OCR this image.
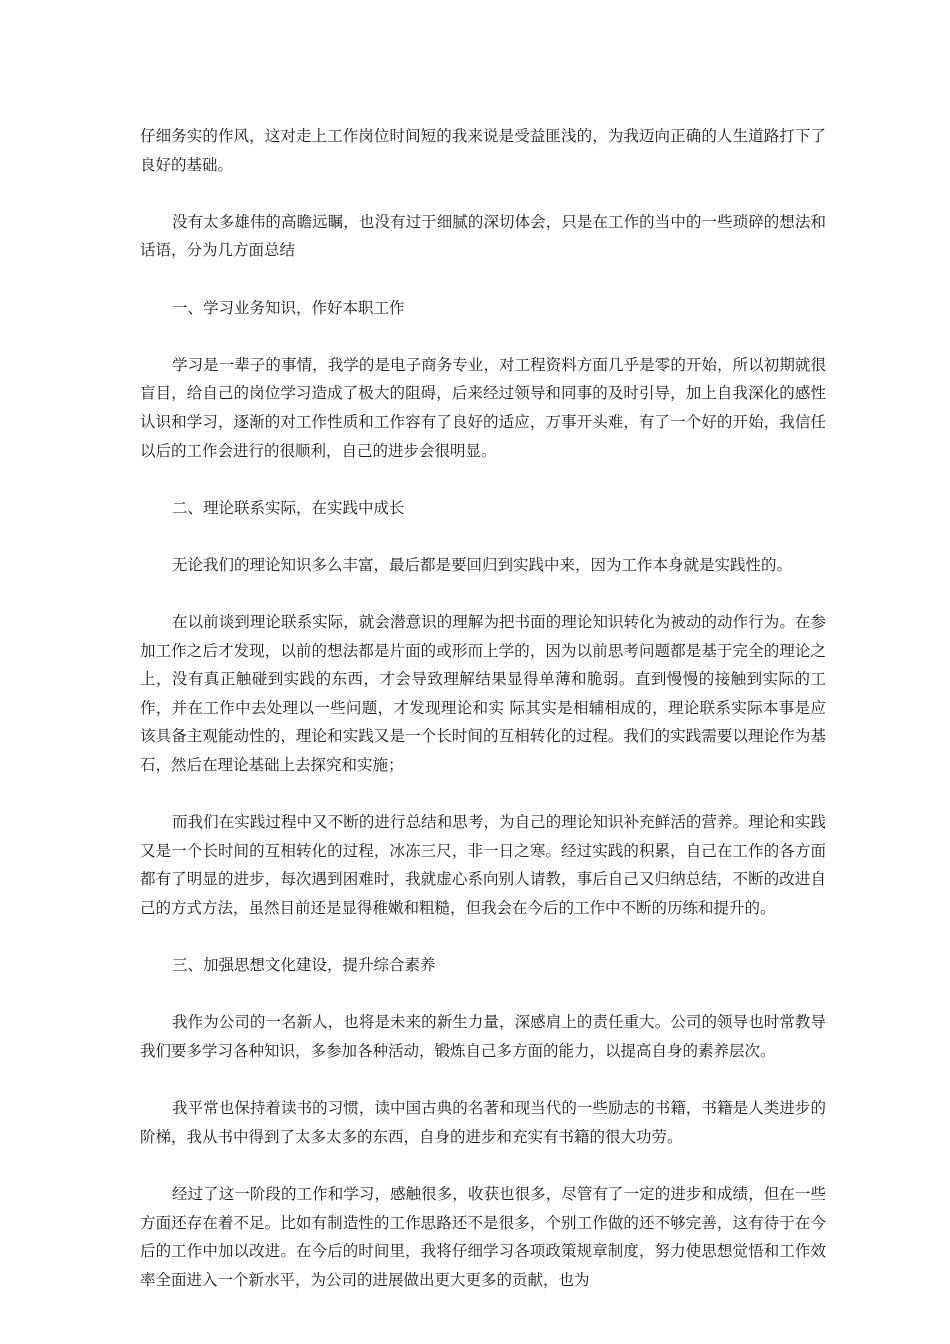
仔细务实的作风，这对走上工作岗位时间短的我来说是受益匪浅的，为我迈向正确的人生道路打下了良好的基础。

没有太多雄伟的高瞻远瞩，也没有过于细腻的深切体会，只是在工作的当中的一些琐碎的想法和话语，分为几方面总结

一、学习业务知识，作好本职工作

学习是一辈子的事情，我学的是电子商务专业，对工程资料方面几乎是零的开始，所以初期就很盲目，给自己的岗位学习造成了极大的阻碍，后来经过领导和同事的及时引导，加上自我深化的感性认识和学习，逐渐的对工作性质和工作容有了良好的适应，万事开头难，有了一个好的开始，我信任以后的工作会进行的很顺利，自己的进步会很明显。

二、理论联系实际，在实践中成长

无论我们的理论知识多么丰富，最后都是要回归到实践中来，因为工作本身就是实践性的。

在以前谈到理论联系实际，就会潜意识的理解为把书面的理论知识转化为被动的动作行为。在参加工作之后才发现，以前的想法都是片面的或形而上学的，因为以前思考问题都是基于完全的理论之上，没有真正触碰到实践的东西，才会导致理解结果显得单薄和脆弱。直到慢慢的接触到实际的工作，并在工作中去处理以一些问题，才发现理论和实 际其实是相辅相成的，理论联系实际本事是应该具备主观能动性的，理论和实践又是一个长时间的互相转化的过程。我们的实践需要以理论作为基石，然后在理论基础上去探究和实施；

而我们在实践过程中又不断的进行总结和思考，为自己的理论知识补充鲜活的营养。理论和实践又是一个长时间的互相转化的过程，冰冻三尺，非一日之寒。经过实践的积累，自己在工作的各方面都有了明显的进步，每次遇到困难时，我就虚心系向别人请教，事后自己又归纳总结，不断的改进自己的方式方法，虽然目前还是显得稚嫩和粗糙，但我会在今后的工作中不断的历练和提升的。

三、加强思想文化建设，提升综合素养

我作为公司的一名新人，也将是未来的新生力量，深感肩上的责任重大。公司的领导也时常教导我们要多学习各种知识，多参加各种活动，锻炼自己多方面的能力，以提高自身的素养层次。

我平常也保持着读书的习惯，读中国古典的名著和现当代的一些励志的书籍，书籍是人类进步的阶梯，我从书中得到了太多太多的东西，自身的进步和充实有书籍的很大功劳。

经过了这一阶段的工作和学习，感触很多，收获也很多，尽管有了一定的进步和成绩，但在一些方面还存在着不足。比如有制造性的工作思路还不是很多，个别工作做的还不够完善，这有待于在今后的工作中加以改进。在今后的时间里，我将仔细学习各项政策规章制度，努力使思想觉悟和工作效率全面进入一个新水平，为公司的进展做出更大更多的贡献，也为
